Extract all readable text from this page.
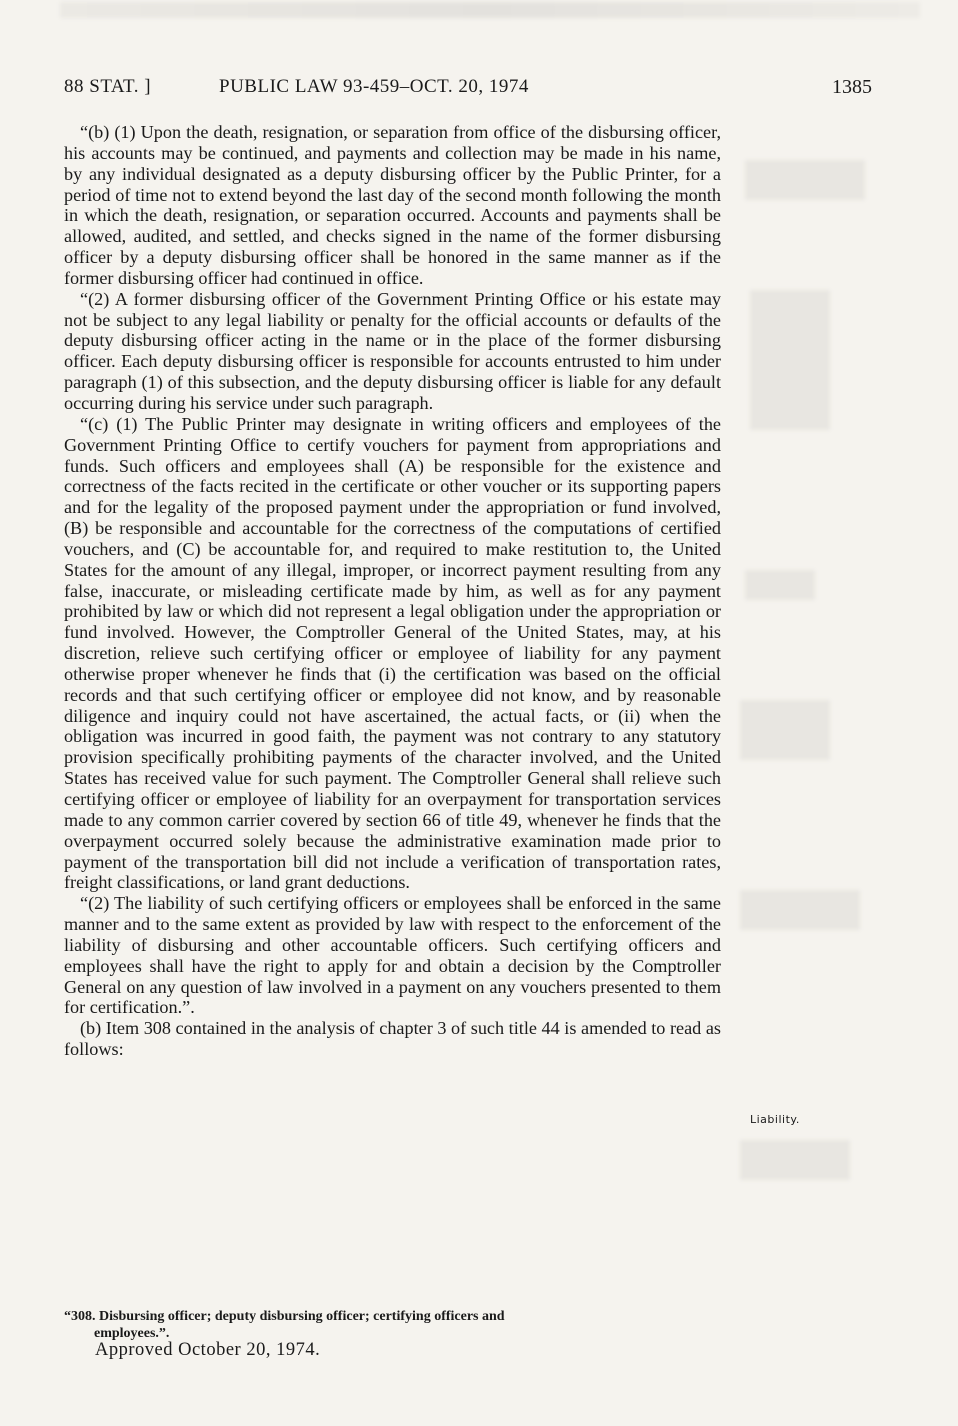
88 STAT. ]	PUBLIC LAW 93-459–OCT. 20, 1974	1385

“(b) (1) Upon the death, resignation, or separation from office of the disbursing officer, his accounts may be continued, and payments and collection may be made in his name, by any individual designated as a deputy disbursing officer by the Public Printer, for a period of time not to extend beyond the last day of the second month following the month in which the death, resignation, or separation occurred. Accounts and payments shall be allowed, audited, and settled, and checks signed in the name of the former disbursing officer by a deputy disbursing officer shall be honored in the same manner as if the former disbursing officer had continued in office.

“(2) A former disbursing officer of the Government Printing Office or his estate may not be subject to any legal liability or penalty for the official accounts or defaults of the deputy disbursing officer acting in the name or in the place of the former disbursing officer. Each deputy disbursing officer is responsible for accounts entrusted to him under paragraph (1) of this subsection, and the deputy disbursing officer is liable for any default occurring during his service under such paragraph.

“(c) (1) The Public Printer may designate in writing officers and employees of the Government Printing Office to certify vouchers for payment from appropriations and funds. Such officers and employees shall (A) be responsible for the existence and correctness of the facts recited in the certificate or other voucher or its supporting papers and for the legality of the proposed payment under the appropriation or fund involved, (B) be responsible and accountable for the correctness of the computations of certified vouchers, and (C) be accountable for, and required to make restitution to, the United States for the amount of any illegal, improper, or incorrect payment resulting from any false, inaccurate, or misleading certificate made by him, as well as for any payment prohibited by law or which did not represent a legal obligation under the appropriation or fund involved. However, the Comptroller General of the United States, may, at his discretion, relieve such certifying officer or employee of liability for any payment otherwise proper whenever he finds that (i) the certification was based on the official records and that such certifying officer or employee did not know, and by reasonable diligence and inquiry could not have ascertained, the actual facts, or (ii) when the obligation was incurred in good faith, the payment was not contrary to any statutory provision specifically prohibiting payments of the character involved, and the United States has received value for such payment. The Comptroller General shall relieve such certifying officer or employee of liability for an overpayment for transportation services made to any common carrier covered by section 66 of title 49, whenever he finds that the overpayment occurred solely because the administrative examination made prior to payment of the transportation bill did not include a verification of transportation rates, freight classifications, or land grant deductions.

“(2) The liability of such certifying officers or employees shall be enforced in the same manner and to the same extent as provided by law with respect to the enforcement of the liability of disbursing and other accountable officers. Such certifying officers and employees shall have the right to apply for and obtain a decision by the Comptroller General on any question of law involved in a payment on any vouchers presented to them for certification.”.

(b) Item 308 contained in the analysis of chapter 3 of such title 44 is amended to read as follows:

“308. Disbursing officer; deputy disbursing officer; certifying officers and
employees.”.
Approved October 20, 1974.
Liability.
